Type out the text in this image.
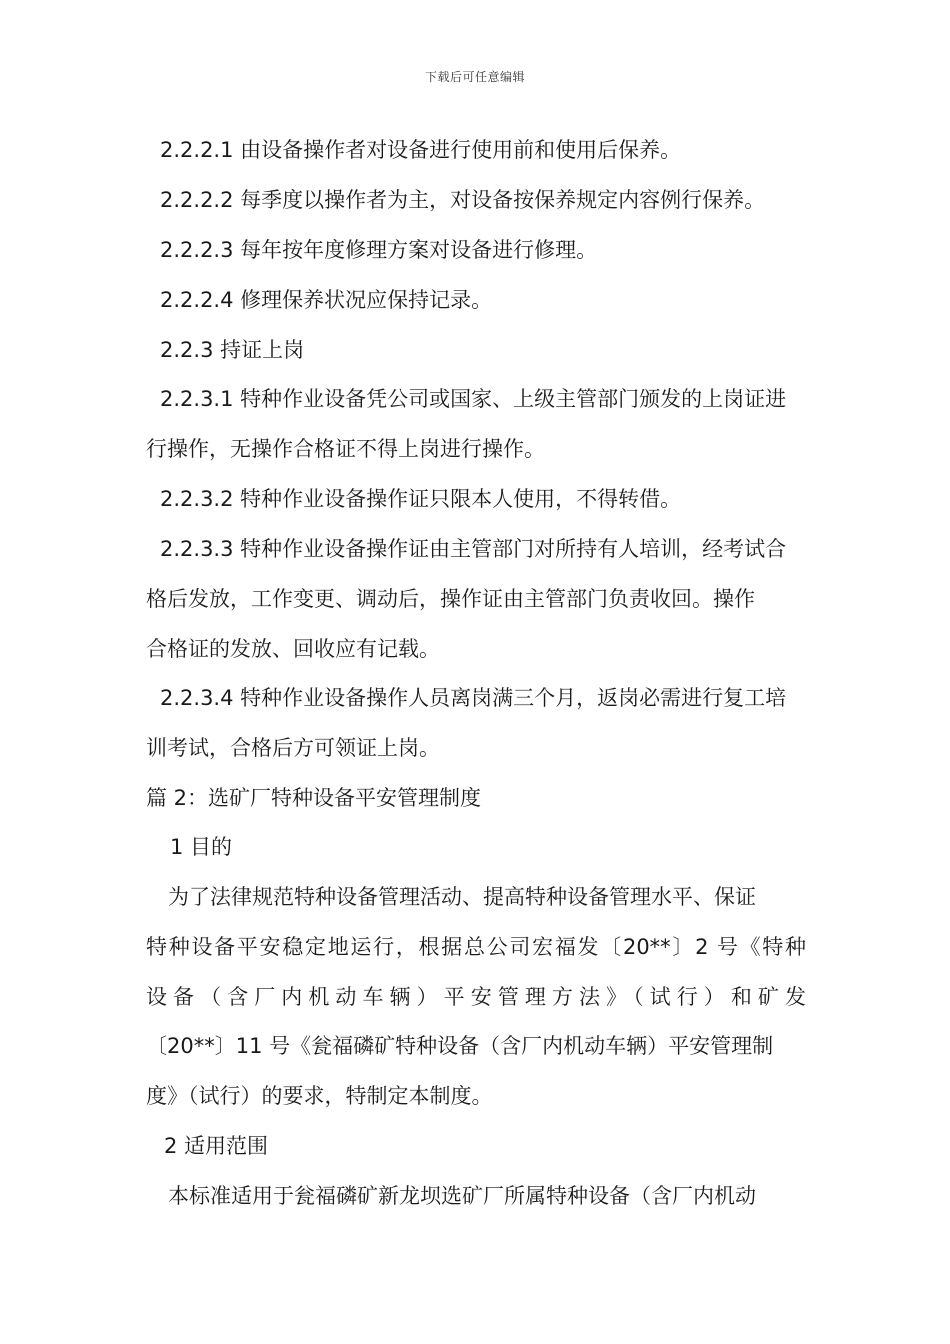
下载后可任意编辑
2.2.2.1 由设备操作者对设备进行使用前和使用后保养。
2.2.2.2 每季度以操作者为主，对设备按保养规定内容例行保养。
2.2.2.3 每年按年度修理方案对设备进行修理。
2.2.2.4 修理保养状况应保持记录。
2.2.3 持证上岗
2.2.3.1 特种作业设备凭公司或国家、上级主管部门颁发的上岗证进
行操作，无操作合格证不得上岗进行操作。
2.2.3.2 特种作业设备操作证只限本人使用，不得转借。
2.2.3.3 特种作业设备操作证由主管部门对所持有人培训，经考试合
格后发放，工作变更、调动后，操作证由主管部门负责收回。操作
合格证的发放、回收应有记载。
2.2.3.4 特种作业设备操作人员离岗满三个月，返岗必需进行复工培
训考试，合格后方可领证上岗。
篇 2：选矿厂特种设备平安管理制度
1 目的
为了法律规范特种设备管理活动、提高特种设备管理水平、保证
特种设备平安稳定地运行，根据总公司宏福发〔20**〕2 号《特种
设备（含厂内机动车辆）平安管理方法》（试行）和矿发
〔20**〕11 号《瓮福磷矿特种设备（含厂内机动车辆）平安管理制
度》（试行）的要求，特制定本制度。
2 适用范围
本标准适用于瓮福磷矿新龙坝选矿厂所属特种设备（含厂内机动
